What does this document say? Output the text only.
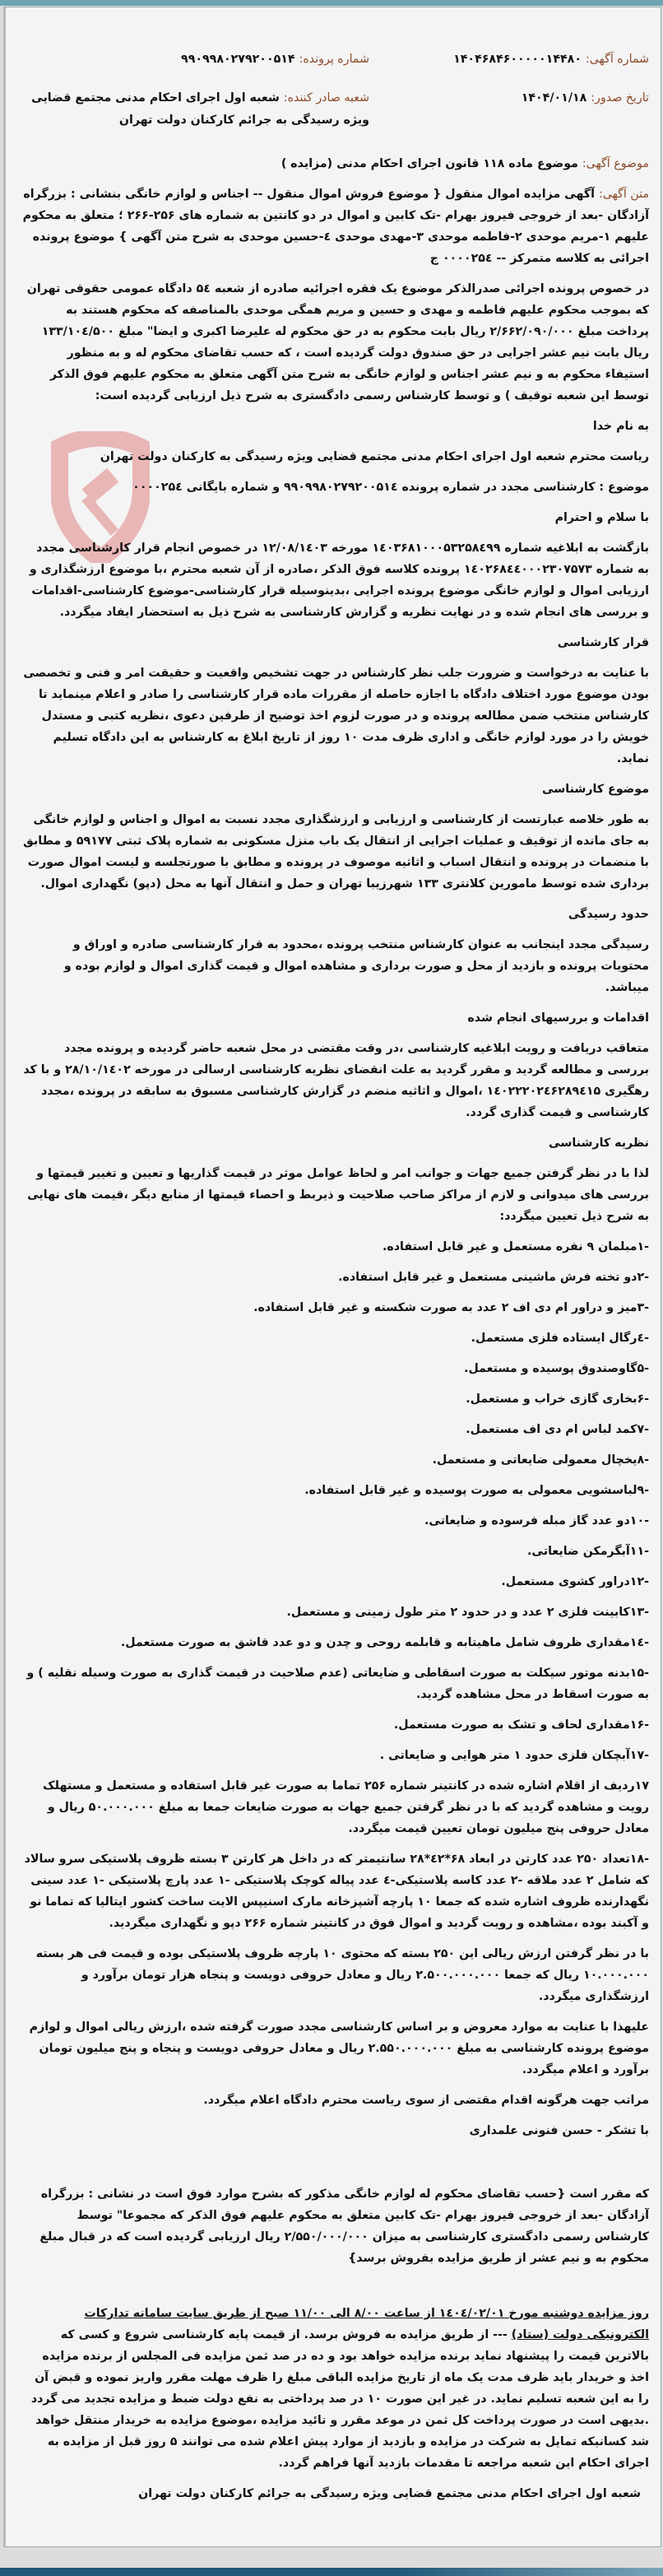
شماره آگهی: ۱۴۰۴۶۸۴۶۰۰۰۰۰۱۴۴۸۰
شماره پرونده: ۹۹۰۹۹۸۰۲۷۹۲۰۰۵۱۴
تاریخ صدور: ۱۴۰۴/۰۱/۱۸
شعبه صادر کننده: شعبه اول اجرای احکام مدنی مجتمع قضایی ویژه رسیدگی به جرائم کارکنان دولت تهران

موضوع آگهی: موضوع ماده ۱۱۸ قانون اجرای احکام مدنی (مزایده )

متن آگهی: آگهی مزایده اموال منقول { موضوع فروش اموال منقول -- اجناس و لوازم خانگی بنشانی : بزرگراه آزادگان -بعد از خروجی فیروز بهرام -تک کابین و اموال در دو کانتین به شماره های ۲۵۶-۲۶۶ ؛ متعلق به محکوم علیهم ۱-مریم موحدی ۲-فاطمه موحدی ۳-مهدی موحدی ٤-حسین موحدی به شرح متن آگهی } موضوع پرونده اجرائی به کلاسه متمرکز -- ۰۰۰۰۲۵٤ ج

در خصوص پرونده اجرائی صدرالذکر موضوع یک فقره اجرائیه صادره از شعبه ۵٤ دادگاه عمومی حقوقی تهران که بموجب محکوم علیهم فاطمه و مهدی و حسین و مریم همگی موحدی بالمناصفه که محکوم هستند به پرداخت مبلغ ۲/۶۶۲/۰۹۰/۰۰۰ ریال بابت محکوم به در حق محکوم له علیرضا اکبری و ایضا" مبلغ ۱۳۳/۱۰٤/۵۰۰ ریال بابت نیم عشر اجرایی در حق صندوق دولت گردیده است ، که حسب تقاضای محکوم له و به منظور استیفاء محکوم به و نیم عشر اجناس و لوازم خانگی به شرح متن آگهی متعلق به محکوم علیهم فوق الذکر توسط این شعبه توقیف ) و توسط کارشناس رسمی دادگستری به شرح ذیل ارزیابی گردیده است:

به نام خدا

ریاست محترم شعبه اول اجرای احکام مدنی مجتمع قضایی ویژه رسیدگی به کارکنان دولت تهران

موضوع : کارشناسی مجدد در شماره پرونده ۹۹۰۹۹۸۰۲۷۹۲۰۰۵۱٤ و شماره بایگانی ۰۰۰۰۲۵٤

با سلام و احترام

بازگشت به ابلاغیه شماره ۱٤۰۳۶۸۱۰۰۰۵۳۲۵۸٤۹۹ مورخه ۱۲/۰۸/۱٤۰۳ در خصوص انجام قرار کارشناسی مجدد به شماره ۱٤۰۲۶۸٤٤۰۰۰۲۳۰۷۵۷۳ پرونده کلاسه فوق الذکر ،صادره از آن شعبه محترم ،با موضوع ارزشگذاری و ارزیابی اموال و لوازم خانگی موضوع پرونده اجرایی ،بدینوسیله قرار کارشناسی-موضوع کارشناسی-اقدامات و بررسی های انجام شده و در نهایت نظریه و گزارش کارشناسی به شرح ذیل به استحضار ایفاد میگردد.

قرار کارشناسی

با عنایت به درخواست و ضرورت جلب نظر کارشناس در جهت تشخیص واقعیت و حقیقت امر و فنی و تخصصی بودن موضوع مورد اختلاف دادگاه با اجازه حاصله از مقررات ماده قرار کارشناسی را صادر و اعلام مینماید تا کارشناس منتخب ضمن مطالعه پرونده و در صورت لزوم اخذ توضیح از طرفین دعوی ،نظریه کتبی و مستدل خویش را در مورد لوازم خانگی و اداری ظرف مدت ۱۰ روز از تاریخ ابلاغ به کارشناس به این دادگاه تسلیم نماید.

موضوع کارشناسی

به طور خلاصه عبارتست از کارشناسی و ارزیابی و ارزشگذاری مجدد نسبت به اموال و اجناس و لوازم خانگی به جای مانده از توقیف و عملیات اجرایی از انتقال یک باب منزل مسکونی به شماره پلاک ثبتی ۵۹۱۷۷ و مطابق با منضمات در پرونده و انتقال اسباب و اثاثیه موصوف در پرونده و مطابق با صورتجلسه و لیست اموال صورت برداری شده توسط مامورین کلانتری ۱۳۳ شهرزیبا تهران و حمل و انتقال آنها به محل (دپو) نگهداری اموال.

حدود رسیدگی

رسیدگی مجدد اینجانب به عنوان کارشناس منتخب پرونده ،محدود به قرار کارشناسی صادره و اوراق و محتویات پرونده و بازدید از محل و صورت برداری و مشاهده اموال و قیمت گذاری اموال و لوازم بوده و میباشد.

اقدامات و بررسیهای انجام شده

متعاقب دریافت و رویت ابلاغیه کارشناسی ،در وقت مقتضی در محل شعبه حاضر گردیده و پرونده مجدد بررسی و مطالعه گردید و مقرر گردید به علت انقضای نظریه کارشناسی ارسالی در مورخه ۲۸/۱۰/۱٤۰۲ و با کد رهگیری ۱٤۰۲۲۲۰۲٤۶۲۸۹٤۱۵ ،اموال و اثاثیه منضم در گزارش کارشناسی مسبوق به سابقه در پرونده ،مجدد کارشناسی و قیمت گذاری گردد.

نظریه کارشناسی

لذا با در نظر گرفتن جمیع جهات و جوانب امر و لحاظ عوامل موثر در قیمت گذاریها و تعیین و تغییر قیمتها و بررسی های میدوانی و لازم از مراکز صاحب صلاحیت و ذیربط و احصاء قیمتها از منابع دیگر ،قیمت های نهایی به شرح ذیل تعیین میگردد:

-۱مبلمان ۹ نفره مستعمل و غیر قابل استفاده.

-۲دو تخته فرش ماشینی مستعمل و غیر قابل استفاده.

-۳میز و دراور ام دی اف ۲ عدد به صورت شکسته و غیر قابل استفاده.

-٤رگال ایستاده فلزی مستعمل.

-۵گاوصندوق پوسیده و مستعمل.

-۶بخاری گازی خراب و مستعمل.

-۷کمد لباس ام دی اف مستعمل.

-۸یخچال معمولی ضایعاتی و مستعمل.

-۹لباسشویی معمولی به صورت پوسیده و غیر قابل استفاده.

-۱۰دو عدد گاز مبله فرسوده و ضایعاتی.

-۱۱آبگرمکن ضایعاتی.

-۱۲دراور کشوی مستعمل.

-۱۳کابینت فلزی ۲ عدد و در حدود ۲ متر طول زمینی و مستعمل.

-۱٤مقداری ظروف شامل ماهیتابه و قابلمه روحی و چدن و دو عدد قاشق به صورت مستعمل.

-۱۵بدنه موتور سیکلت به صورت اسقاطی و ضایعاتی (عدم صلاحیت در قیمت گذاری به صورت وسیله نقلیه ) و به صورت اسقاط در محل مشاهده گردید.

-۱۶مقداری لحاف و تشک به صورت مستعمل.

-۱۷آبچکان فلزی حدود ۱ متر هوایی و ضایعاتی .

۱۷ردیف از اقلام اشاره شده در کانتینر شماره ۲۵۶ تماما به صورت غیر قابل استفاده و مستعمل و مستهلک رویت و مشاهده گردید که با در نظر گرفتن جمیع جهات به صورت ضایعات جمعا به مبلغ ۵۰.۰۰۰.۰۰۰ ریال و معادل حروفی پنج میلیون تومان تعیین قیمت میگردد.

-۱۸تعداد ۲۵۰ عدد کارتن در ابعاد ۶۸*٤۲*۲۸ سانتیمتر که در داخل هر کارتن ۳ بسته ظروف پلاستیکی سرو سالاد که شامل ۲ عدد ملاقه -۲ عدد کاسه پلاستیکی-٤ عدد پیاله کوچک پلاستیکی -۱ عدد پارچ پلاستیکی -۱ عدد سینی نگهدارنده ظروف اشاره شده که جمعا ۱۰ پارچه آشپزخانه مارک اسنیپس الایت ساخت کشور ایتالیا که تماما نو و آکبند بوده ،مشاهده و رویت گردید و اموال فوق در کانتینر شماره ۲۶۶ دپو و نگهداری میگردید.

با در نظر گرفتن ارزش ریالی این ۲۵۰ بسته که محتوی ۱۰ پارچه ظروف پلاستیکی بوده و قیمت فی هر بسته ۱۰.۰۰۰.۰۰۰ ریال که جمعا ۲.۵۰۰.۰۰۰.۰۰۰ ریال و معادل حروفی دویست و پنجاه هزار تومان برآورد و ارزشگذاری میگردد.

علیهذا با عنایت به موارد معروض و بر اساس کارشناسی مجدد صورت گرفته شده ،ارزش ریالی اموال و لوازم موضوع پرونده کارشناسی به مبلغ ۲.۵۵۰.۰۰۰.۰۰۰ ریال و معادل حروفی دویست و پنجاه و پنج میلیون تومان برآورد و اعلام میگردد.

مراتب جهت هرگونه اقدام مقتضی از سوی ریاست محترم دادگاه اعلام میگردد.

با تشکر - حسن فنونی علمداری

که مقرر است {حسب تقاضای محکوم له لوازم خانگی مذکور که بشرح موارد فوق است در نشانی : بزرگراه آزادگان -بعد از خروجی فیروز بهرام -تک کابین متعلق به محکوم علیهم فوق الذکر که مجموعا" توسط کارشناس رسمی دادگستری کارشناسی به میزان ۲/۵۵۰/۰۰۰/۰۰۰ ریال ارزیابی گردیده است که در قبال مبلغ محکوم به و نیم عشر از طریق مزایده بفروش برسد}

روز مزایده دوشنبه مورخ ۱٤۰٤/۰۲/۰۱ از ساعت ۸/۰۰ الی ۱۱/۰۰ صبح از طریق سایت سامانه تدارکات الکترونیکی دولت (ستاد) --- از طریق مزایده به فروش برسد. از قیمت پایه کارشناسی شروع و کسی که بالاترین قیمت را پیشنهاد نماید برنده مزایده خواهد بود و ده در صد ثمن مزایده فی المجلس از برنده مزایده اخذ و خریدار باید ظرف مدت یک ماه از تاریخ مزایده الباقی مبلغ را ظرف مهلت مقرر واریز نموده و قبض آن را به این شعبه تسلیم نماید. در غیر این صورت ۱۰ در صد پرداختی به نفع دولت ضبط و مزایده تجدید می گردد .بدیهی است در صورت پرداخت کل ثمن در موعد مقرر و تائید مزایده ،موضوع مزایده به خریدار منتقل خواهد شد کسانیکه تمایل به شرکت در مزایده و بازدید از موارد پیش اعلام شده می توانند ۵ روز قبل از مزایده به اجرای احکام این شعبه مراجعه تا مقدمات بازدید آنها فراهم گردد.

شعبه اول اجرای احکام مدنی مجتمع قضایی ویژه رسیدگی به جرائم کارکنان دولت تهران
